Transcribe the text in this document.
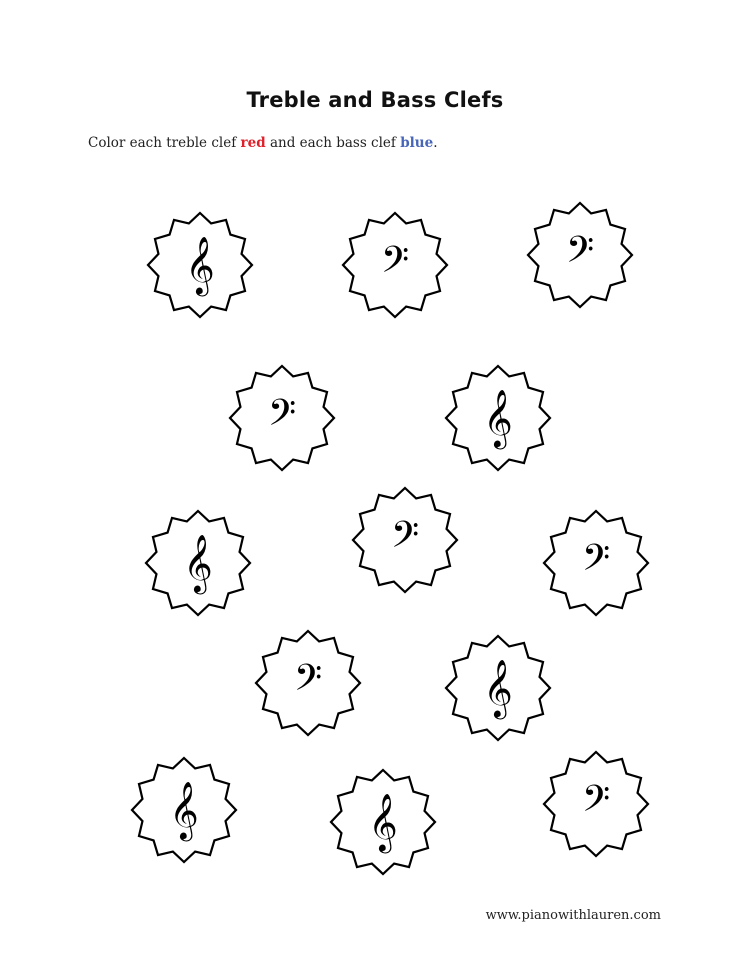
Treble and Bass Clefs
Color each treble clef red and each bass clef blue.
𝄞	𝄢	𝄢
𝄢	𝄞
𝄞	𝄢	𝄢
𝄢	𝄞
𝄞	𝄞	𝄢
www.pianowithlauren.com
